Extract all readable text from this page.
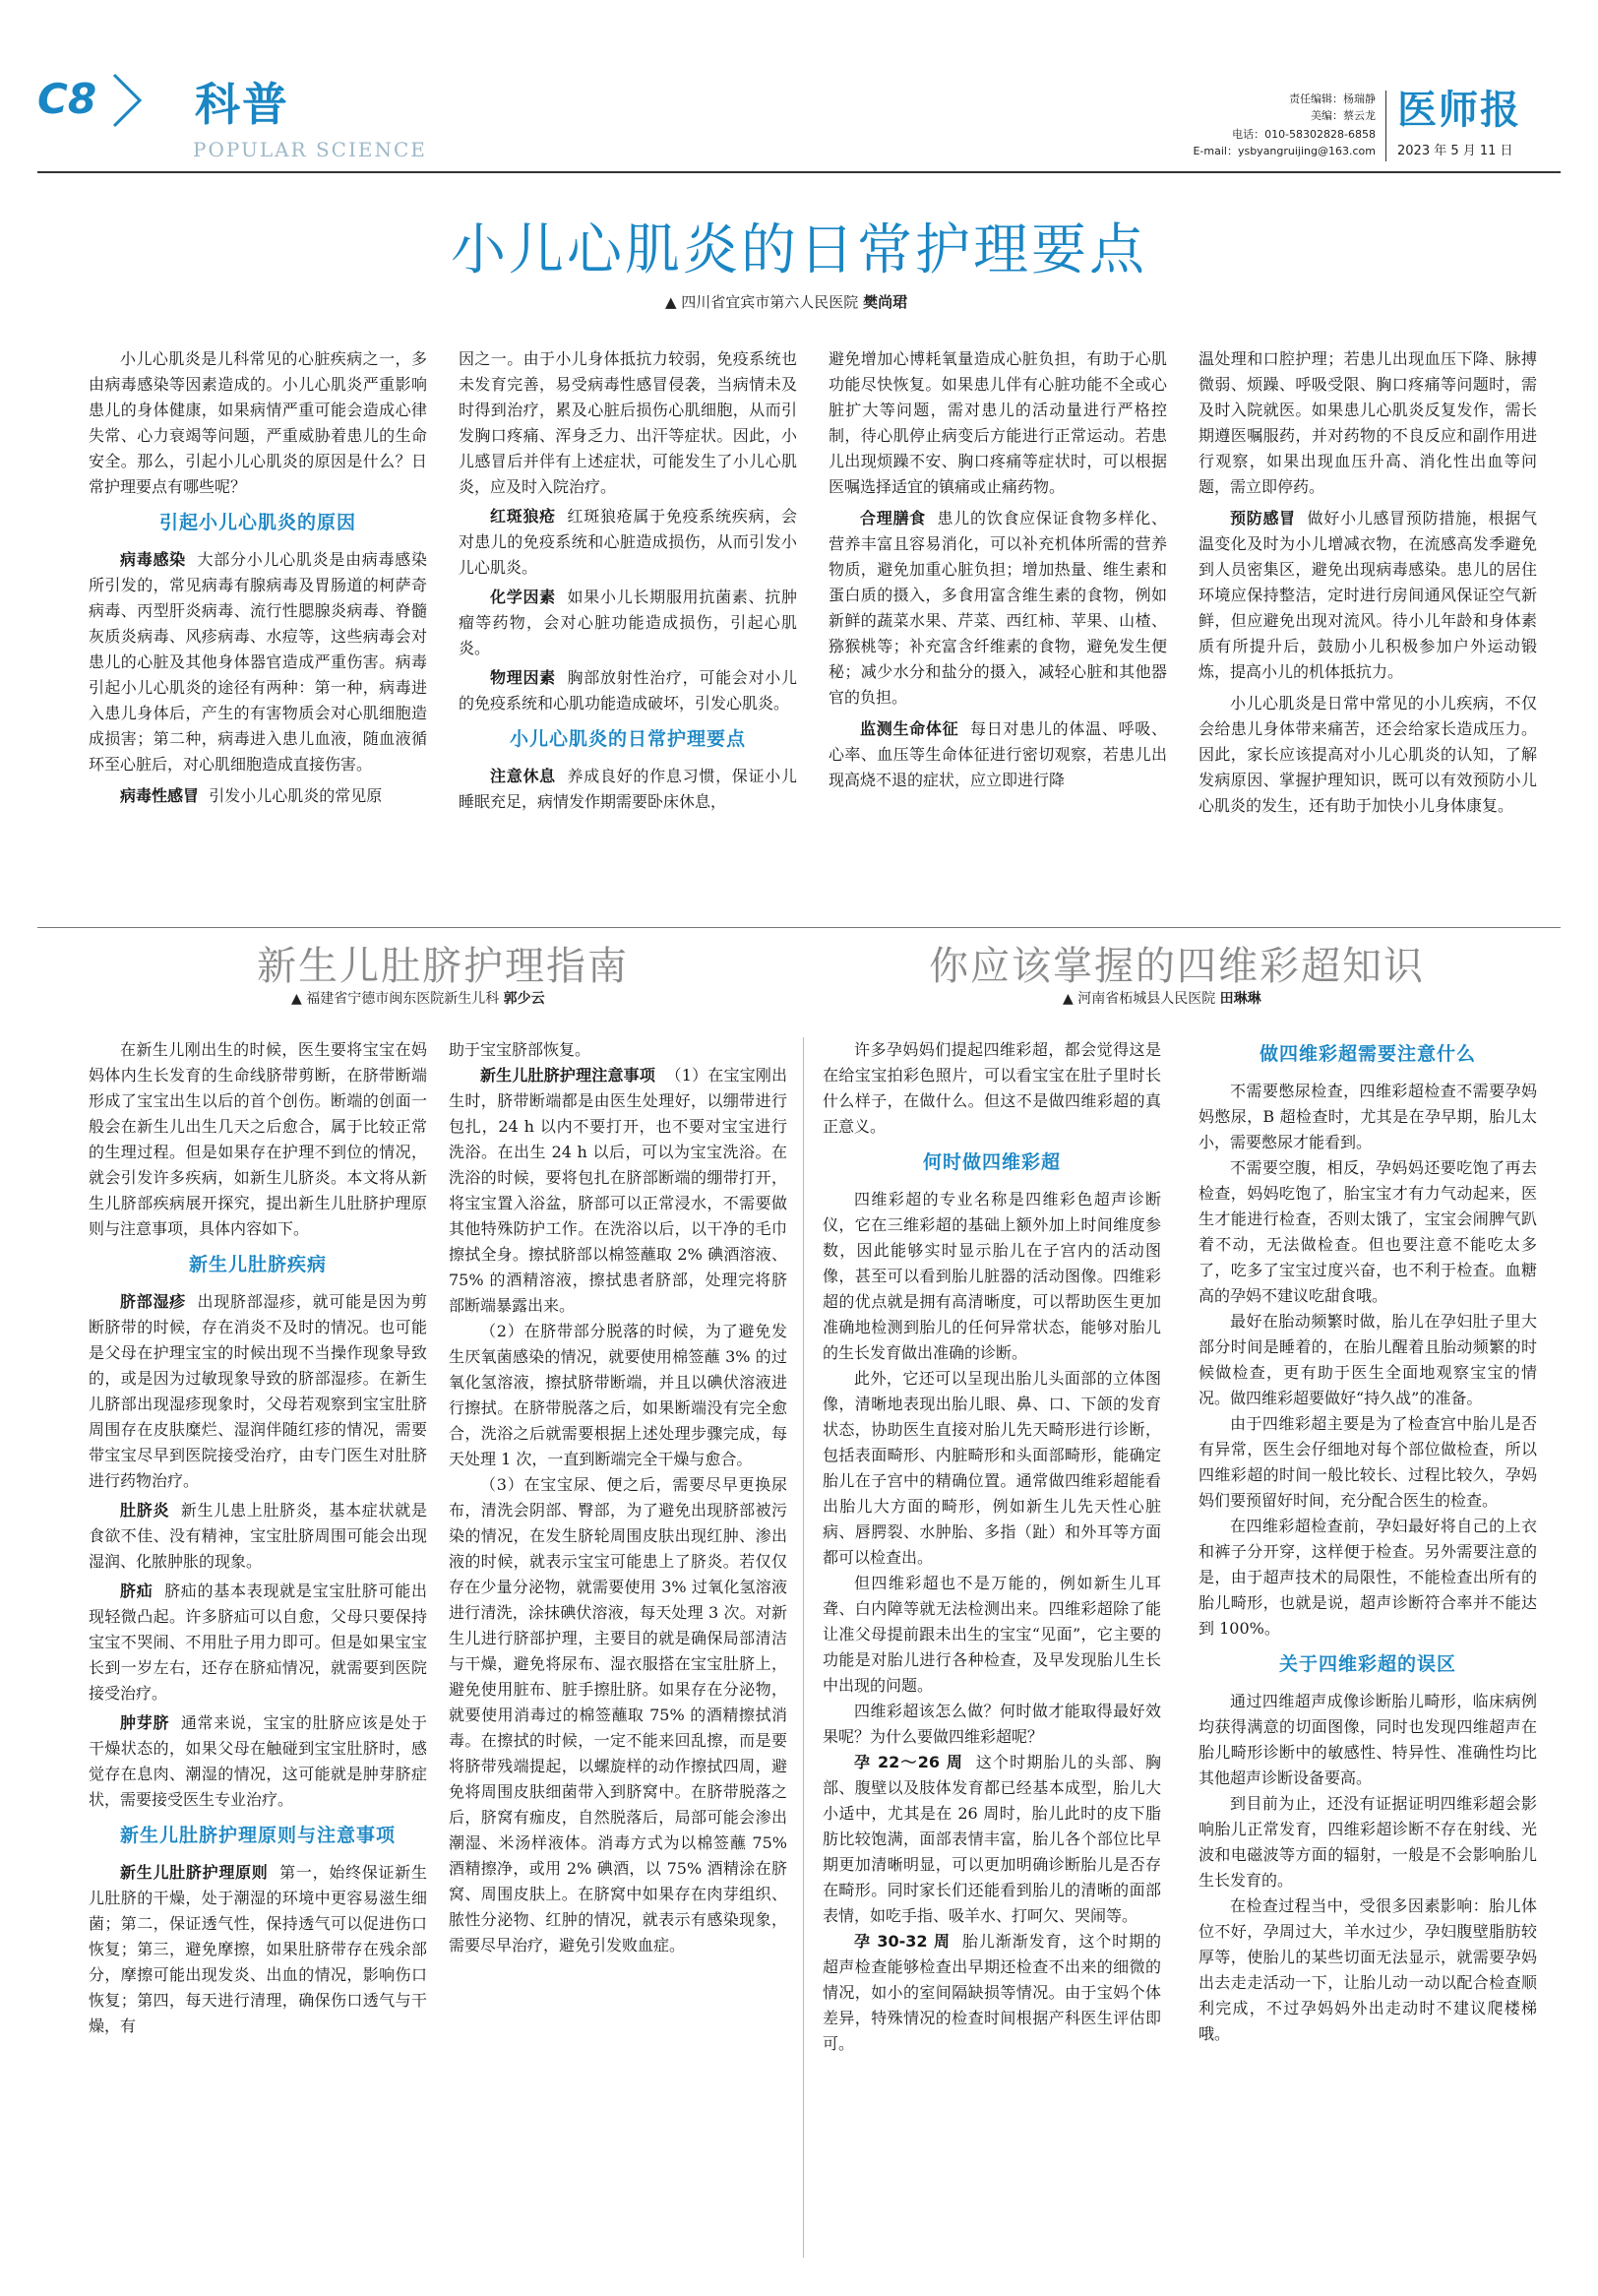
C8 科普
POPULAR SCIENCE
责任编辑：杨瑞静
美编：蔡云龙
电话：010-58302828-6858
E-mail：ysbyangruijing@163.com
医师报
2023 年 5 月 11 日
小儿心肌炎的日常护理要点
▲ 四川省宜宾市第六人民医院 樊尚珺

小儿心肌炎是儿科常见的心脏疾病之一，多由病毒感染等因素造成的。小儿心肌炎严重影响患儿的身体健康，如果病情严重可能会造成心律失常、心力衰竭等问题，严重威胁着患儿的生命安全。那么，引起小儿心肌炎的原因是什么？日常护理要点有哪些呢？

引起小儿心肌炎的原因

病毒感染 大部分小儿心肌炎是由病毒感染所引发的，常见病毒有腺病毒及胃肠道的柯萨奇病毒、丙型肝炎病毒、流行性腮腺炎病毒、脊髓灰质炎病毒、风疹病毒、水痘等，这些病毒会对患儿的心脏及其他身体器官造成严重伤害。病毒引起小儿心肌炎的途径有两种：第一种，病毒进入患儿身体后，产生的有害物质会对心肌细胞造成损害；第二种，病毒进入患儿血液，随血液循环至心脏后，对心肌细胞造成直接伤害。

病毒性感冒 引发小儿心肌炎的常见原

因之一。由于小儿身体抵抗力较弱，免疫系统也未发育完善，易受病毒性感冒侵袭，当病情未及时得到治疗，累及心脏后损伤心肌细胞，从而引发胸口疼痛、浑身乏力、出汗等症状。因此，小儿感冒后并伴有上述症状，可能发生了小儿心肌炎，应及时入院治疗。

红斑狼疮 红斑狼疮属于免疫系统疾病，会对患儿的免疫系统和心脏造成损伤，从而引发小儿心肌炎。

化学因素 如果小儿长期服用抗菌素、抗肿瘤等药物，会对心脏功能造成损伤，引起心肌炎。

物理因素 胸部放射性治疗，可能会对小儿的免疫系统和心肌功能造成破坏，引发心肌炎。

小儿心肌炎的日常护理要点

注意休息 养成良好的作息习惯，保证小儿睡眠充足，病情发作期需要卧床休息，

避免增加心博耗氧量造成心脏负担，有助于心肌功能尽快恢复。如果患儿伴有心脏功能不全或心脏扩大等问题，需对患儿的活动量进行严格控制，待心肌停止病变后方能进行正常运动。若患儿出现烦躁不安、胸口疼痛等症状时，可以根据医嘱选择适宜的镇痛或止痛药物。

合理膳食 患儿的饮食应保证食物多样化、营养丰富且容易消化，可以补充机体所需的营养物质，避免加重心脏负担；增加热量、维生素和蛋白质的摄入，多食用富含维生素的食物，例如新鲜的蔬菜水果、芹菜、西红柿、苹果、山楂、猕猴桃等；补充富含纤维素的食物，避免发生便秘；减少水分和盐分的摄入，减轻心脏和其他器官的负担。

监测生命体征 每日对患儿的体温、呼吸、心率、血压等生命体征进行密切观察，若患儿出现高烧不退的症状，应立即进行降

温处理和口腔护理；若患儿出现血压下降、脉搏微弱、烦躁、呼吸受限、胸口疼痛等问题时，需及时入院就医。如果患儿心肌炎反复发作，需长期遵医嘱服药，并对药物的不良反应和副作用进行观察，如果出现血压升高、消化性出血等问题，需立即停药。

预防感冒 做好小儿感冒预防措施，根据气温变化及时为小儿增减衣物，在流感高发季避免到人员密集区，避免出现病毒感染。患儿的居住环境应保持整洁，定时进行房间通风保证空气新鲜，但应避免出现对流风。待小儿年龄和身体素质有所提升后，鼓励小儿积极参加户外运动锻炼，提高小儿的机体抵抗力。

小儿心肌炎是日常中常见的小儿疾病，不仅会给患儿身体带来痛苦，还会给家长造成压力。因此，家长应该提高对小儿心肌炎的认知，了解发病原因、掌握护理知识，既可以有效预防小儿心肌炎的发生，还有助于加快小儿身体康复。

新生儿肚脐护理指南
▲ 福建省宁德市闽东医院新生儿科 郭少云

在新生儿刚出生的时候，医生要将宝宝在妈妈体内生长发育的生命线脐带剪断，在脐带断端形成了宝宝出生以后的首个创伤。断端的创面一般会在新生儿出生几天之后愈合，属于比较正常的生理过程。但是如果存在护理不到位的情况，就会引发许多疾病，如新生儿脐炎。本文将从新生儿脐部疾病展开探究，提出新生儿肚脐护理原则与注意事项，具体内容如下。

新生儿肚脐疾病

脐部湿疹 出现脐部湿疹，就可能是因为剪断脐带的时候，存在消炎不及时的情况。也可能是父母在护理宝宝的时候出现不当操作现象导致的，或是因为过敏现象导致的脐部湿疹。在新生儿脐部出现湿疹现象时，父母若观察到宝宝肚脐周围存在皮肤糜烂、湿润伴随红疹的情况，需要带宝宝尽早到医院接受治疗，由专门医生对肚脐进行药物治疗。

肚脐炎 新生儿患上肚脐炎，基本症状就是食欲不佳、没有精神，宝宝肚脐周围可能会出现湿润、化脓肿胀的现象。

脐疝 脐疝的基本表现就是宝宝肚脐可能出现轻微凸起。许多脐疝可以自愈，父母只要保持宝宝不哭闹、不用肚子用力即可。但是如果宝宝长到一岁左右，还存在脐疝情况，就需要到医院接受治疗。

肿芽脐 通常来说，宝宝的肚脐应该是处于干燥状态的，如果父母在触碰到宝宝肚脐时，感觉存在息肉、潮湿的情况，这可能就是肿芽脐症状，需要接受医生专业治疗。

新生儿肚脐护理原则与注意事项

新生儿肚脐护理原则 第一，始终保证新生儿肚脐的干燥，处于潮湿的环境中更容易滋生细菌；第二，保证透气性，保持透气可以促进伤口恢复；第三，避免摩擦，如果肚脐带存在残余部分，摩擦可能出现发炎、出血的情况，影响伤口恢复；第四，每天进行清理，确保伤口透气与干燥，有

助于宝宝脐部恢复。

新生儿肚脐护理注意事项 （1）在宝宝刚出生时，脐带断端都是由医生处理好，以绷带进行包扎，24 h 以内不要打开，也不要对宝宝进行洗浴。在出生 24 h 以后，可以为宝宝洗浴。在洗浴的时候，要将包扎在脐部断端的绷带打开，将宝宝置入浴盆，脐部可以正常浸水，不需要做其他特殊防护工作。在洗浴以后，以干净的毛巾擦拭全身。擦拭脐部以棉签蘸取 2% 碘酒溶液、75% 的酒精溶液，擦拭患者脐部，处理完将脐部断端暴露出来。

（2）在脐带部分脱落的时候，为了避免发生厌氧菌感染的情况，就要使用棉签蘸 3% 的过氧化氢溶液，擦拭脐带断端，并且以碘伏溶液进行擦拭。在脐带脱落之后，如果断端没有完全愈合，洗浴之后就需要根据上述处理步骤完成，每天处理 1 次，一直到断端完全干燥与愈合。

（3）在宝宝尿、便之后，需要尽早更换尿布，清洗会阴部、臀部，为了避免出现脐部被污染的情况，在发生脐轮周围皮肤出现红肿、渗出液的时候，就表示宝宝可能患上了脐炎。若仅仅存在少量分泌物，就需要使用 3% 过氧化氢溶液进行清洗，涂抹碘伏溶液，每天处理 3 次。对新生儿进行脐部护理，主要目的就是确保局部清洁与干燥，避免将尿布、湿衣服搭在宝宝肚脐上，避免使用脏布、脏手擦肚脐。如果存在分泌物，就要使用消毒过的棉签蘸取 75% 的酒精擦拭消毒。在擦拭的时候，一定不能来回乱擦，而是要将脐带残端提起，以螺旋样的动作擦拭四周，避免将周围皮肤细菌带入到脐窝中。在脐带脱落之后，脐窝有痂皮，自然脱落后，局部可能会渗出潮湿、米汤样液体。消毒方式为以棉签蘸 75% 酒精擦净，或用 2% 碘酒，以 75% 酒精涂在脐窝、周围皮肤上。在脐窝中如果存在肉芽组织、脓性分泌物、红肿的情况，就表示有感染现象，需要尽早治疗，避免引发败血症。

你应该掌握的四维彩超知识
▲ 河南省柘城县人民医院 田琳琳

许多孕妈妈们提起四维彩超，都会觉得这是在给宝宝拍彩色照片，可以看宝宝在肚子里时长什么样子，在做什么。但这不是做四维彩超的真正意义。

何时做四维彩超

四维彩超的专业名称是四维彩色超声诊断仪，它在三维彩超的基础上额外加上时间维度参数，因此能够实时显示胎儿在子宫内的活动图像，甚至可以看到胎儿脏器的活动图像。四维彩超的优点就是拥有高清晰度，可以帮助医生更加准确地检测到胎儿的任何异常状态，能够对胎儿的生长发育做出准确的诊断。

此外，它还可以呈现出胎儿头面部的立体图像，清晰地表现出胎儿眼、鼻、口、下颌的发育状态，协助医生直接对胎儿先天畸形进行诊断，包括表面畸形、内脏畸形和头面部畸形，能确定胎儿在子宫中的精确位置。通常做四维彩超能看出胎儿大方面的畸形，例如新生儿先天性心脏病、唇腭裂、水肿胎、多指（趾）和外耳等方面都可以检查出。

但四维彩超也不是万能的，例如新生儿耳聋、白内障等就无法检测出来。四维彩超除了能让准父母提前跟未出生的宝宝“见面”，它主要的功能是对胎儿进行各种检查，及早发现胎儿生长中出现的问题。

四维彩超该怎么做？何时做才能取得最好效果呢？为什么要做四维彩超呢？

孕 22～26 周 这个时期胎儿的头部、胸部、腹壁以及肢体发育都已经基本成型，胎儿大小适中，尤其是在 26 周时，胎儿此时的皮下脂肪比较饱满，面部表情丰富，胎儿各个部位比早期更加清晰明显，可以更加明确诊断胎儿是否存在畸形。同时家长们还能看到胎儿的清晰的面部表情，如吃手指、吸羊水、打呵欠、哭闹等。

孕 30-32 周 胎儿渐渐发育，这个时期的超声检查能够检查出早期还检查不出来的细微的情况，如小的室间隔缺损等情况。由于宝妈个体差异，特殊情况的检查时间根据产科医生评估即可。

做四维彩超需要注意什么

不需要憋尿检查，四维彩超检查不需要孕妈妈憋尿，B 超检查时，尤其是在孕早期，胎儿太小，需要憋尿才能看到。

不需要空腹，相反，孕妈妈还要吃饱了再去检查，妈妈吃饱了，胎宝宝才有力气动起来，医生才能进行检查，否则太饿了，宝宝会闹脾气趴着不动，无法做检查。但也要注意不能吃太多了，吃多了宝宝过度兴奋，也不利于检查。血糖高的孕妈不建议吃甜食哦。

最好在胎动频繁时做，胎儿在孕妇肚子里大部分时间是睡着的，在胎儿醒着且胎动频繁的时候做检查，更有助于医生全面地观察宝宝的情况。做四维彩超要做好“持久战”的准备。

由于四维彩超主要是为了检查宫中胎儿是否有异常，医生会仔细地对每个部位做检查，所以四维彩超的时间一般比较长、过程比较久，孕妈妈们要预留好时间，充分配合医生的检查。

在四维彩超检查前，孕妇最好将自己的上衣和裤子分开穿，这样便于检查。另外需要注意的是，由于超声技术的局限性，不能检查出所有的胎儿畸形，也就是说，超声诊断符合率并不能达到 100%。

关于四维彩超的误区

通过四维超声成像诊断胎儿畸形，临床病例均获得满意的切面图像，同时也发现四维超声在胎儿畸形诊断中的敏感性、特异性、准确性均比其他超声诊断设备要高。

到目前为止，还没有证据证明四维彩超会影响胎儿正常发育，四维彩超诊断不存在射线、光波和电磁波等方面的辐射，一般是不会影响胎儿生长发育的。

在检查过程当中，受很多因素影响：胎儿体位不好，孕周过大，羊水过少，孕妇腹壁脂肪较厚等，使胎儿的某些切面无法显示，就需要孕妈出去走走活动一下，让胎儿动一动以配合检查顺利完成，不过孕妈妈外出走动时不建议爬楼梯哦。
